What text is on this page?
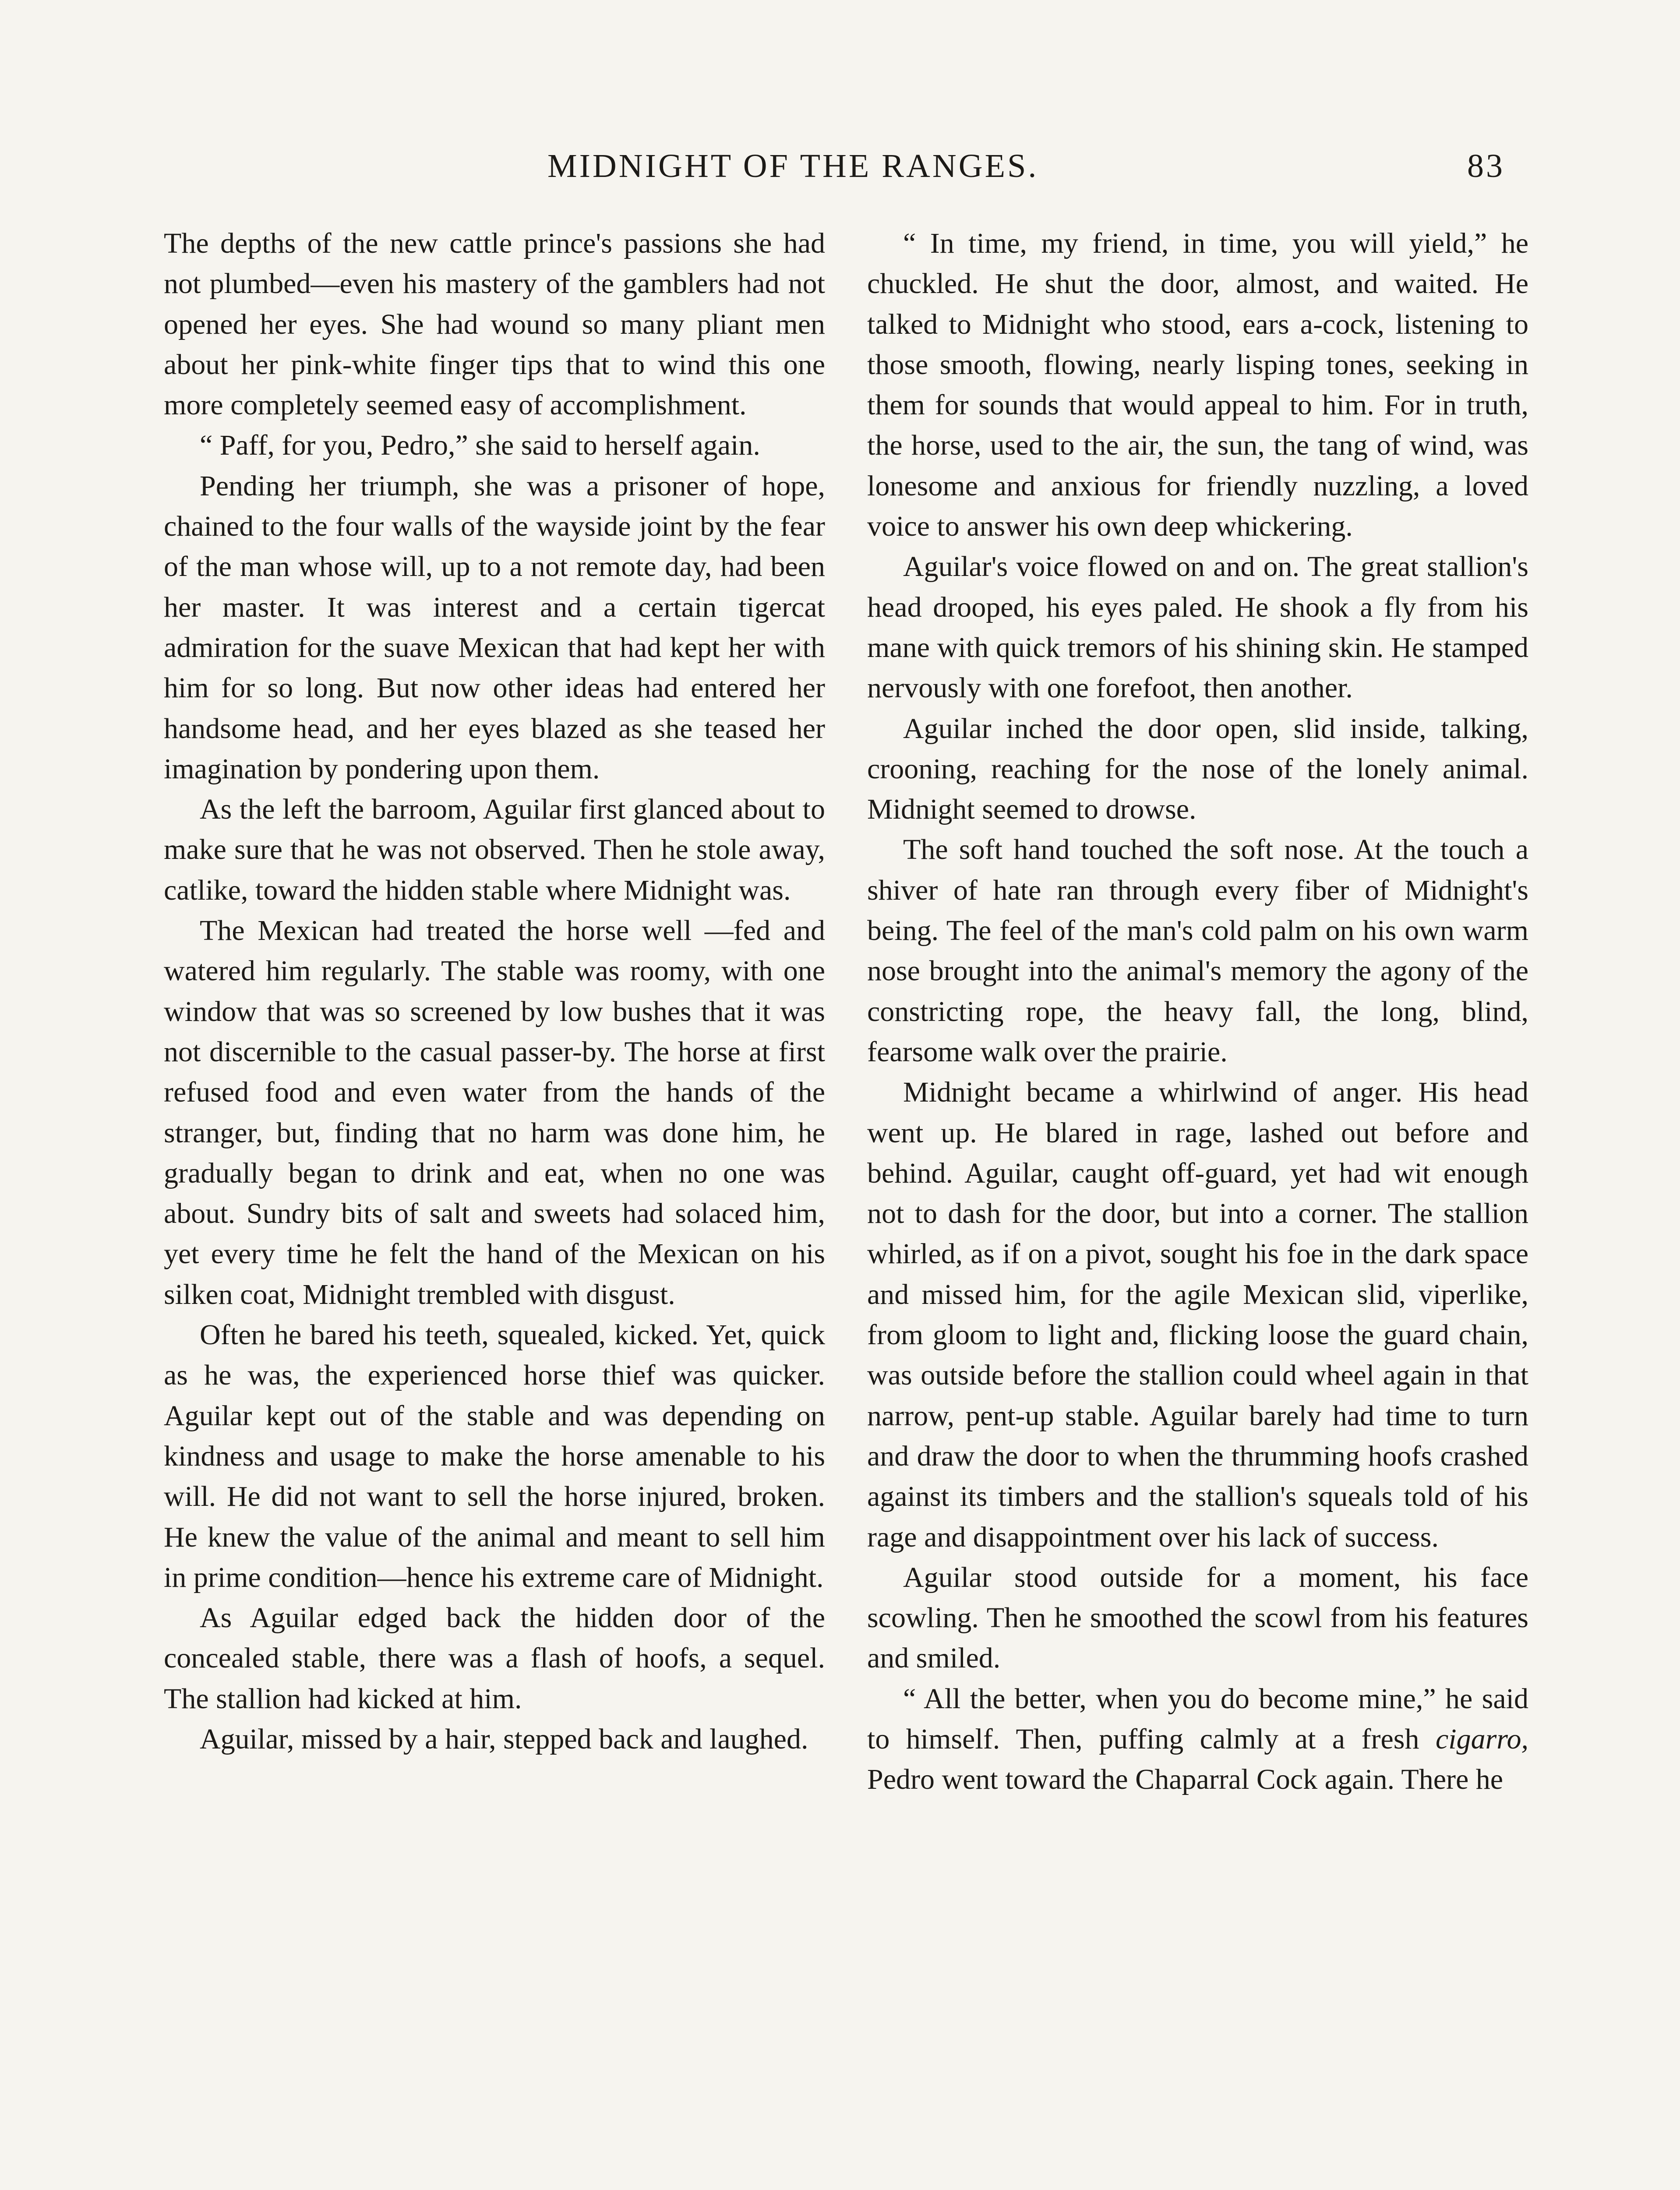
MIDNIGHT OF THE RANGES.	83

The depths of the new cattle prince's passions she had not plumbed—even his mastery of the gamblers had not opened her eyes. She had wound so many pliant men about her pink-white finger tips that to wind this one more completely seemed easy of accomplishment.

“ Paff, for you, Pedro,” she said to herself again.

Pending her triumph, she was a prisoner of hope, chained to the four walls of the wayside joint by the fear of the man whose will, up to a not remote day, had been her master. It was interest and a certain tigercat admiration for the suave Mexican that had kept her with him for so long. But now other ideas had entered her handsome head, and her eyes blazed as she teased her imagination by pondering upon them.

As the left the barroom, Aguilar first glanced about to make sure that he was not observed. Then he stole away, catlike, toward the hidden stable where Midnight was.

The Mexican had treated the horse well —fed and watered him regularly. The stable was roomy, with one window that was so screened by low bushes that it was not discernible to the casual passer-by. The horse at first refused food and even water from the hands of the stranger, but, finding that no harm was done him, he gradually began to drink and eat, when no one was about. Sundry bits of salt and sweets had solaced him, yet every time he felt the hand of the Mexican on his silken coat, Midnight trembled with disgust.

Often he bared his teeth, squealed, kicked. Yet, quick as he was, the experienced horse thief was quicker. Aguilar kept out of the stable and was depending on kindness and usage to make the horse amenable to his will. He did not want to sell the horse injured, broken. He knew the value of the animal and meant to sell him in prime condition—hence his extreme care of Midnight.

As Aguilar edged back the hidden door of the concealed stable, there was a flash of hoofs, a sequel. The stallion had kicked at him.

Aguilar, missed by a hair, stepped back and laughed.

“ In time, my friend, in time, you will yield,” he chuckled. He shut the door, almost, and waited. He talked to Midnight who stood, ears a-cock, listening to those smooth, flowing, nearly lisping tones, seeking in them for sounds that would appeal to him. For in truth, the horse, used to the air, the sun, the tang of wind, was lonesome and anxious for friendly nuzzling, a loved voice to answer his own deep whickering.

Aguilar's voice flowed on and on. The great stallion's head drooped, his eyes paled. He shook a fly from his mane with quick tremors of his shining skin. He stamped nervously with one forefoot, then another.

Aguilar inched the door open, slid inside, talking, crooning, reaching for the nose of the lonely animal. Midnight seemed to drowse.

The soft hand touched the soft nose. At the touch a shiver of hate ran through every fiber of Midnight's being. The feel of the man's cold palm on his own warm nose brought into the animal's memory the agony of the constricting rope, the heavy fall, the long, blind, fearsome walk over the prairie.

Midnight became a whirlwind of anger. His head went up. He blared in rage, lashed out before and behind. Aguilar, caught off-guard, yet had wit enough not to dash for the door, but into a corner. The stallion whirled, as if on a pivot, sought his foe in the dark space and missed him, for the agile Mexican slid, viperlike, from gloom to light and, flicking loose the guard chain, was outside before the stallion could wheel again in that narrow, pent-up stable. Aguilar barely had time to turn and draw the door to when the thrumming hoofs crashed against its timbers and the stallion's squeals told of his rage and disappointment over his lack of success.

Aguilar stood outside for a moment, his face scowling. Then he smoothed the scowl from his features and smiled.

“ All the better, when you do become mine,” he said to himself. Then, puffing calmly at a fresh cigarro, Pedro went toward the Chaparral Cock again. There he
